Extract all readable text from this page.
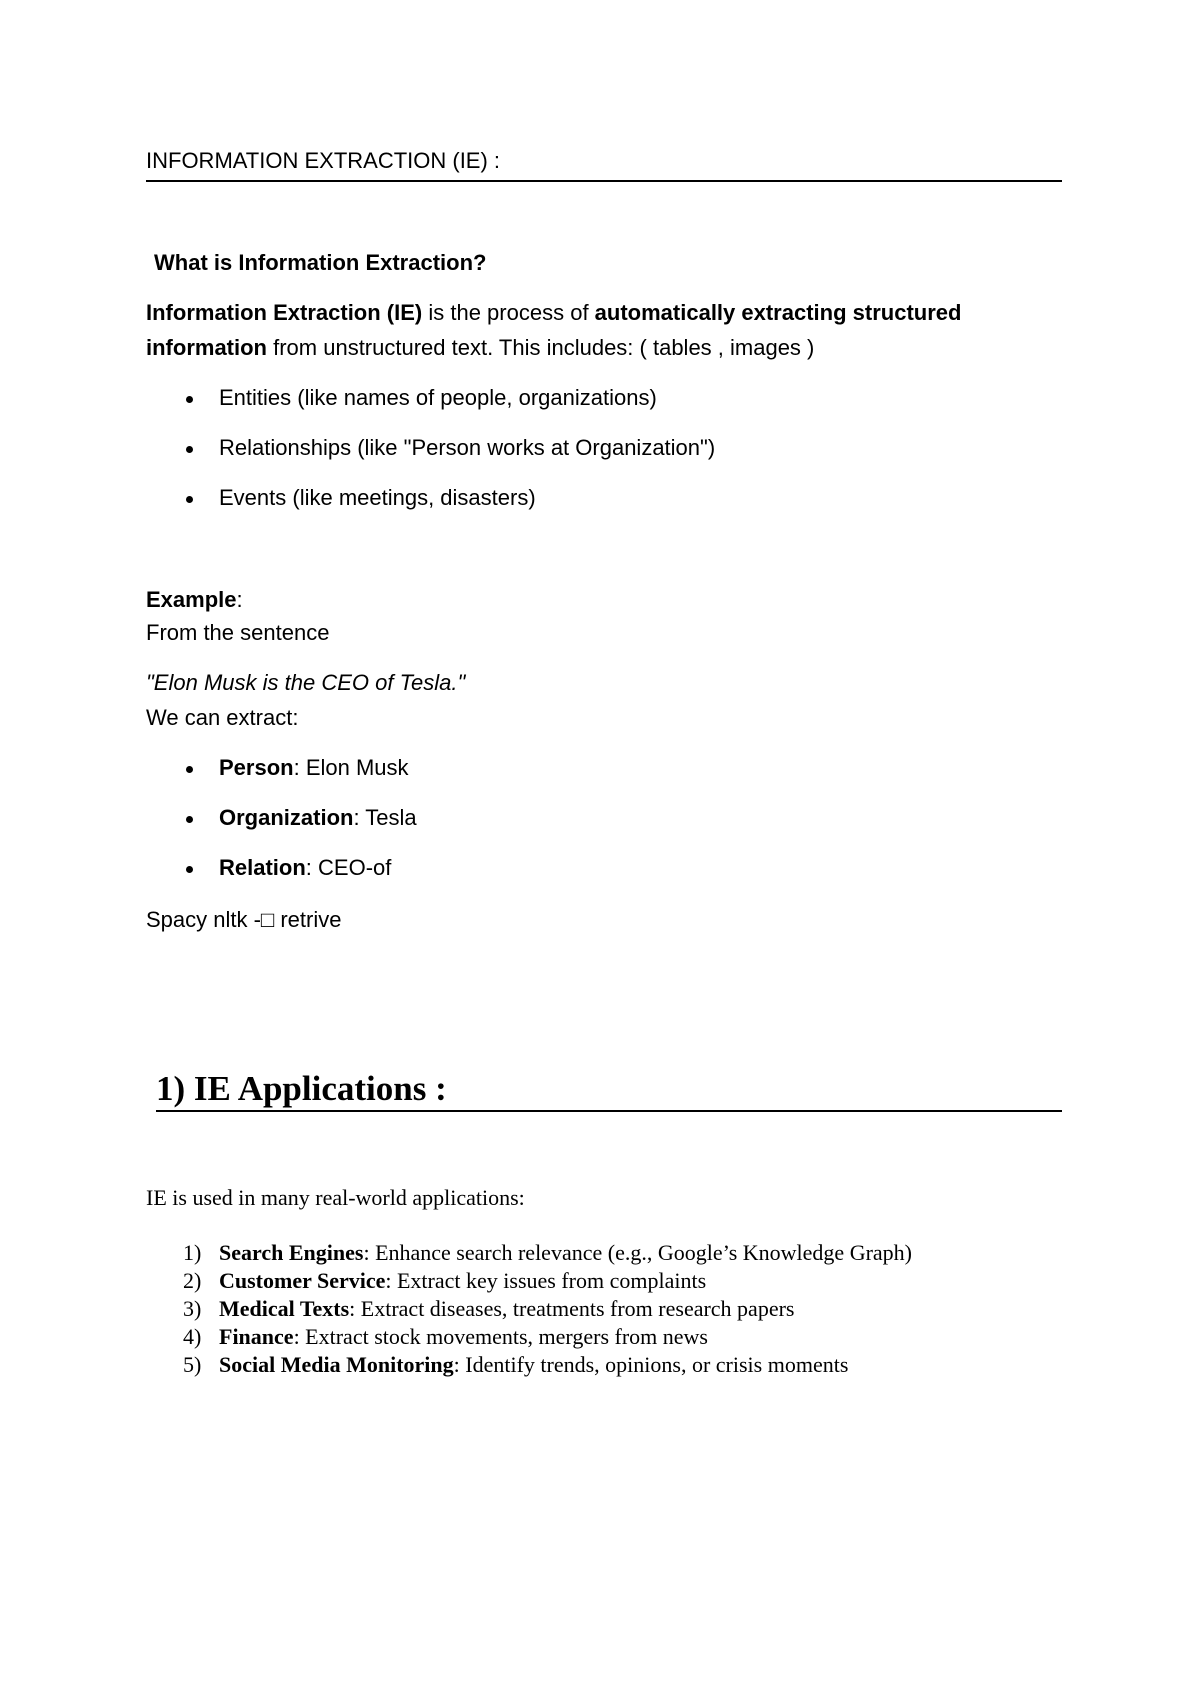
INFORMATION EXTRACTION (IE) :
What is Information Extraction?
Information Extraction (IE) is the process of automatically extracting structured
information from unstructured text. This includes: ( tables , images )
Entities (like names of people, organizations)
Relationships (like "Person works at Organization")
Events (like meetings, disasters)
Example:
From the sentence
"Elon Musk is the CEO of Tesla."
We can extract:
Person: Elon Musk
Organization: Tesla
Relation: CEO-of
Spacy nltk -□ retrive
1) IE Applications :
IE is used in many real-world applications:
1) Search Engines: Enhance search relevance (e.g., Google’s Knowledge Graph)
2) Customer Service: Extract key issues from complaints
3) Medical Texts: Extract diseases, treatments from research papers
4) Finance: Extract stock movements, mergers from news
5) Social Media Monitoring: Identify trends, opinions, or crisis moments
